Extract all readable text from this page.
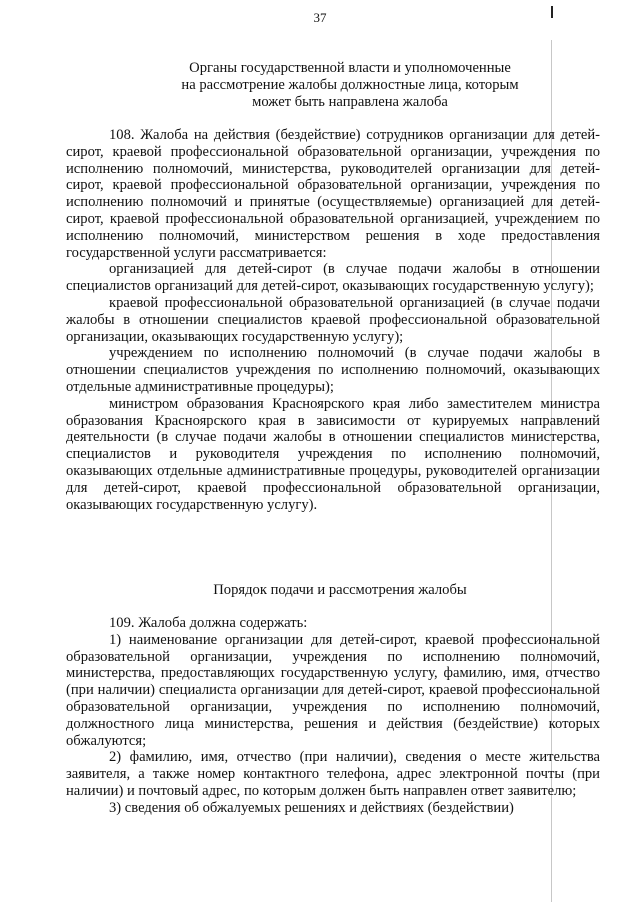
37
Органы государственной власти и уполномоченные
на рассмотрение жалобы должностные лица, которым
может быть направлена жалоба

108. Жалоба на действия (бездействие) сотрудников организации для детей-сирот, краевой профессиональной образовательной организации, учреждения по исполнению полномочий, министерства, руководителей организации для детей-сирот, краевой профессиональной образовательной организации, учреждения по исполнению полномочий и принятые (осуществляемые) организацией для детей-сирот, краевой профессиональной образовательной организацией, учреждением по исполнению полномочий, министерством решения в ходе предоставления государственной услуги рассматривается:

организацией для детей-сирот (в случае подачи жалобы в отношении специалистов организаций для детей-сирот, оказывающих государственную услугу);

краевой профессиональной образовательной организацией (в случае подачи жалобы в отношении специалистов краевой профессиональной образовательной организации, оказывающих государственную услугу);

учреждением по исполнению полномочий (в случае подачи жалобы в отношении специалистов учреждения по исполнению полномочий, оказывающих отдельные административные процедуры);

министром образования Красноярского края либо заместителем министра образования Красноярского края в зависимости от курируемых направлений деятельности (в случае подачи жалобы в отношении специалистов министерства, специалистов и руководителя учреждения по исполнению полномочий, оказывающих отдельные административные процедуры, руководителей организации для детей-сирот, краевой профессиональной образовательной организации, оказывающих государственную услугу).

Порядок подачи и рассмотрения жалобы

109. Жалоба должна содержать:

1) наименование организации для детей-сирот, краевой профессиональной образовательной организации, учреждения по исполнению полномочий, министерства, предоставляющих государственную услугу, фамилию, имя, отчество (при наличии) специалиста организации для детей-сирот, краевой профессиональной образовательной организации, учреждения по исполнению полномочий, должностного лица министерства, решения и действия (бездействие) которых обжалуются;

2) фамилию, имя, отчество (при наличии), сведения о месте жительства заявителя, а также номер контактного телефона, адрес электронной почты (при наличии) и почтовый адрес, по которым должен быть направлен ответ заявителю;

3) сведения об обжалуемых решениях и действиях (бездействии)
